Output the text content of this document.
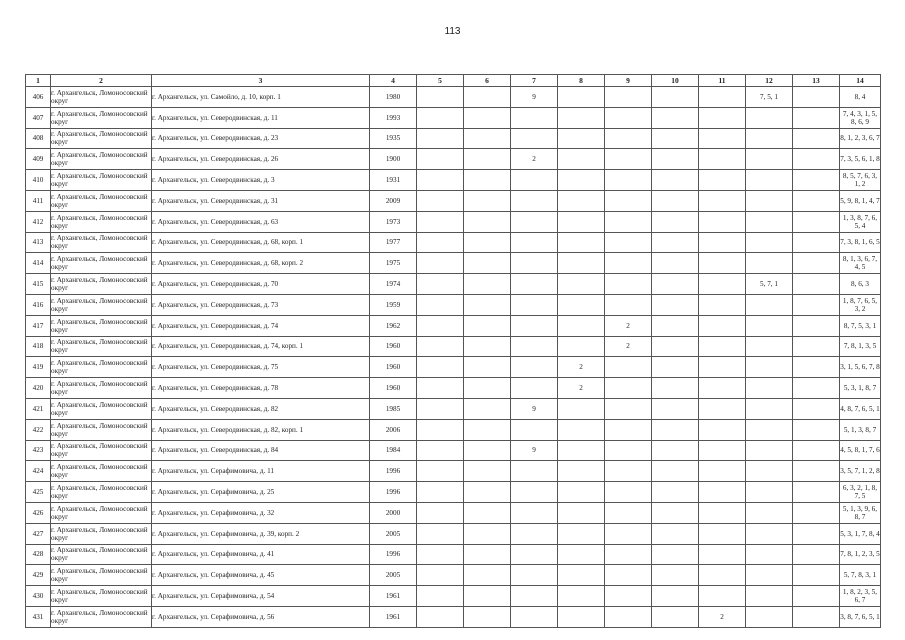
113
1	2	3	4	5	6	7	8	9	10	11	12	13	14
406	г. Архангельск, Ломоносовский округ	г. Архангельск, ул. Самойло, д. 10, корп. 1	1980			9					7, 5, 1		8, 4
407	г. Архангельск, Ломоносовский округ	г. Архангельск, ул. Северодвинская, д. 11	1993										7, 4, 3, 1, 5, 8, 6, 9
408	г. Архангельск, Ломоносовский округ	г. Архангельск, ул. Северодвинская, д. 23	1935										8, 1, 2, 3, 6, 7
409	г. Архангельск, Ломоносовский округ	г. Архангельск, ул. Северодвинская, д. 26	1900			2							7, 3, 5, 6, 1, 8
410	г. Архангельск, Ломоносовский округ	г. Архангельск, ул. Северодвинская, д. 3	1931										8, 5, 7, 6, 3, 1, 2
411	г. Архангельск, Ломоносовский округ	г. Архангельск, ул. Северодвинская, д. 31	2009										5, 9, 8, 1, 4, 7
412	г. Архангельск, Ломоносовский округ	г. Архангельск, ул. Северодвинская, д. 63	1973										1, 3, 8, 7, 6, 5, 4
413	г. Архангельск, Ломоносовский округ	г. Архангельск, ул. Северодвинская, д. 68, корп. 1	1977										7, 3, 8, 1, 6, 5
414	г. Архангельск, Ломоносовский округ	г. Архангельск, ул. Северодвинская, д. 68, корп. 2	1975										8, 1, 3, 6, 7, 4, 5
415	г. Архангельск, Ломоносовский округ	г. Архангельск, ул. Северодвинская, д. 70	1974								5, 7, 1		8, 6, 3
416	г. Архангельск, Ломоносовский округ	г. Архангельск, ул. Северодвинская, д. 73	1959										1, 8, 7, 6, 5, 3, 2
417	г. Архангельск, Ломоносовский округ	г. Архангельск, ул. Северодвинская, д. 74	1962					2					8, 7, 5, 3, 1
418	г. Архангельск, Ломоносовский округ	г. Архангельск, ул. Северодвинская, д. 74, корп. 1	1960					2					7, 8, 1, 3, 5
419	г. Архангельск, Ломоносовский округ	г. Архангельск, ул. Северодвинская, д. 75	1960				2						3, 1, 5, 6, 7, 8
420	г. Архангельск, Ломоносовский округ	г. Архангельск, ул. Северодвинская, д. 78	1960				2						5, 3, 1, 8, 7
421	г. Архангельск, Ломоносовский округ	г. Архангельск, ул. Северодвинская, д. 82	1985			9							4, 8, 7, 6, 5, 1
422	г. Архангельск, Ломоносовский округ	г. Архангельск, ул. Северодвинская, д. 82, корп. 1	2006										5, 1, 3, 8, 7
423	г. Архангельск, Ломоносовский округ	г. Архангельск, ул. Северодвинская, д. 84	1984			9							4, 5, 8, 1, 7, 6
424	г. Архангельск, Ломоносовский округ	г. Архангельск, ул. Серафимовича, д. 11	1996										3, 5, 7, 1, 2, 8
425	г. Архангельск, Ломоносовский округ	г. Архангельск, ул. Серафимовича, д. 25	1996										6, 3, 2, 1, 8, 7, 5
426	г. Архангельск, Ломоносовский округ	г. Архангельск, ул. Серафимовича, д. 32	2000										5, 1, 3, 9, 6, 8, 7
427	г. Архангельск, Ломоносовский округ	г. Архангельск, ул. Серафимовича, д. 39, корп. 2	2005										5, 3, 1, 7, 8, 4
428	г. Архангельск, Ломоносовский округ	г. Архангельск, ул. Серафимовича, д. 41	1996										7, 8, 1, 2, 3, 5
429	г. Архангельск, Ломоносовский округ	г. Архангельск, ул. Серафимовича, д. 45	2005										5, 7, 8, 3, 1
430	г. Архангельск, Ломоносовский округ	г. Архангельск, ул. Серафимовича, д. 54	1961										1, 8, 2, 3, 5, 6, 7
431	г. Архангельск, Ломоносовский округ	г. Архангельск, ул. Серафимовича, д. 56	1961							2			3, 8, 7, 6, 5, 1
